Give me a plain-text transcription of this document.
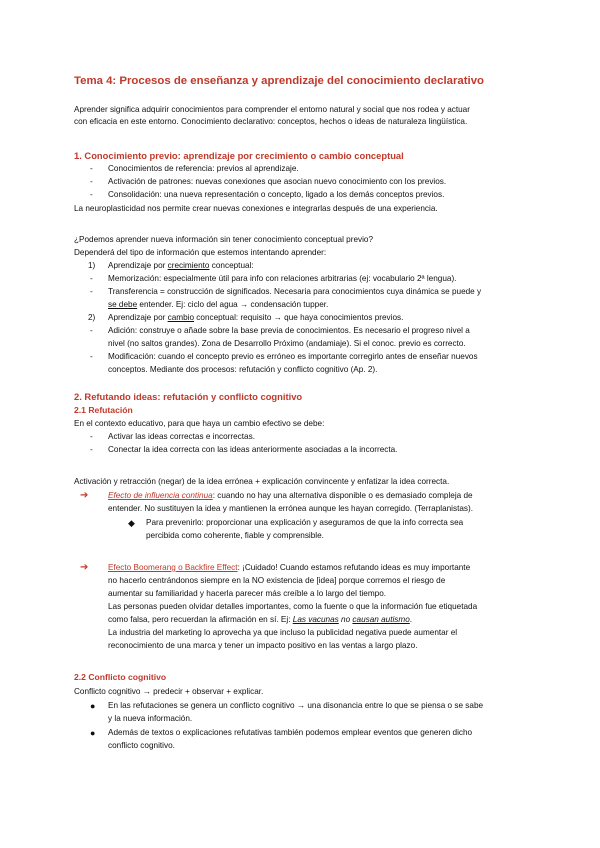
Tema 4: Procesos de enseñanza y aprendizaje del conocimiento declarativo
Aprender significa adquirir conocimientos para comprender el entorno natural y social que nos rodea y actuar
con eficacia en este entorno. Conocimiento declarativo: conceptos, hechos o ideas de naturaleza lingüística.
1. Conocimiento previo: aprendizaje por crecimiento o cambio conceptual
- Conocimientos de referencia: previos al aprendizaje.
- Activación de patrones: nuevas conexiones que asocian nuevo conocimiento con los previos.
- Consolidación: una nueva representación o concepto, ligado a los demás conceptos previos.
La neuroplasticidad nos permite crear nuevas conexiones e integrarlas después de una experiencia.
¿Podemos aprender nueva información sin tener conocimiento conceptual previo?
Dependerá del tipo de información que estemos intentando aprender:
1) Aprendizaje por crecimiento conceptual:
- Memorización: especialmente útil para info con relaciones arbitrarias (ej: vocabulario 2ª lengua).
- Transferencia = construcción de significados. Necesaria para conocimientos cuya dinámica se puede y
se debe entender. Ej: ciclo del agua → condensación tupper.
2) Aprendizaje por cambio conceptual: requisito → que haya conocimientos previos.
- Adición: construye o añade sobre la base previa de conocimientos. Es necesario el progreso nivel a
nivel (no saltos grandes). Zona de Desarrollo Próximo (andamiaje). Si el conoc. previo es correcto.
- Modificación: cuando el concepto previo es erróneo es importante corregirlo antes de enseñar nuevos
conceptos. Mediante dos procesos: refutación y conflicto cognitivo (Ap. 2).
2. Refutando ideas: refutación y conflicto cognitivo
2.1 Refutación
En el contexto educativo, para que haya un cambio efectivo se debe:
- Activar las ideas correctas e incorrectas.
- Conectar la idea correcta con las ideas anteriormente asociadas a la incorrecta.
Activación y retracción (negar) de la idea errónea + explicación convincente y enfatizar la idea correcta.
➔ Efecto de influencia continua: cuando no hay una alternativa disponible o es demasiado compleja de
entender. No sustituyen la idea y mantienen la errónea aunque les hayan corregido. (Terraplanistas).
◆ Para prevenirlo: proporcionar una explicación y aseguramos de que la info correcta sea
percibida como coherente, fiable y comprensible.
➔ Efecto Boomerang o Backfire Effect: ¡Cuidado! Cuando estamos refutando ideas es muy importante
no hacerlo centrándonos siempre en la NO existencia de [idea] porque corremos el riesgo de
aumentar su familiaridad y hacerla parecer más creíble a lo largo del tiempo.
Las personas pueden olvidar detalles importantes, como la fuente o que la información fue etiquetada
como falsa, pero recuerdan la afirmación en sí. Ej: Las vacunas no causan autismo.
La industria del marketing lo aprovecha ya que incluso la publicidad negativa puede aumentar el
reconocimiento de una marca y tener un impacto positivo en las ventas a largo plazo.
2.2 Conflicto cognitivo
Conflicto cognitivo → predecir + observar + explicar.
● En las refutaciones se genera un conflicto cognitivo → una disonancia entre lo que se piensa o se sabe
y la nueva información.
● Además de textos o explicaciones refutativas también podemos emplear eventos que generen dicho
conflicto cognitivo.
